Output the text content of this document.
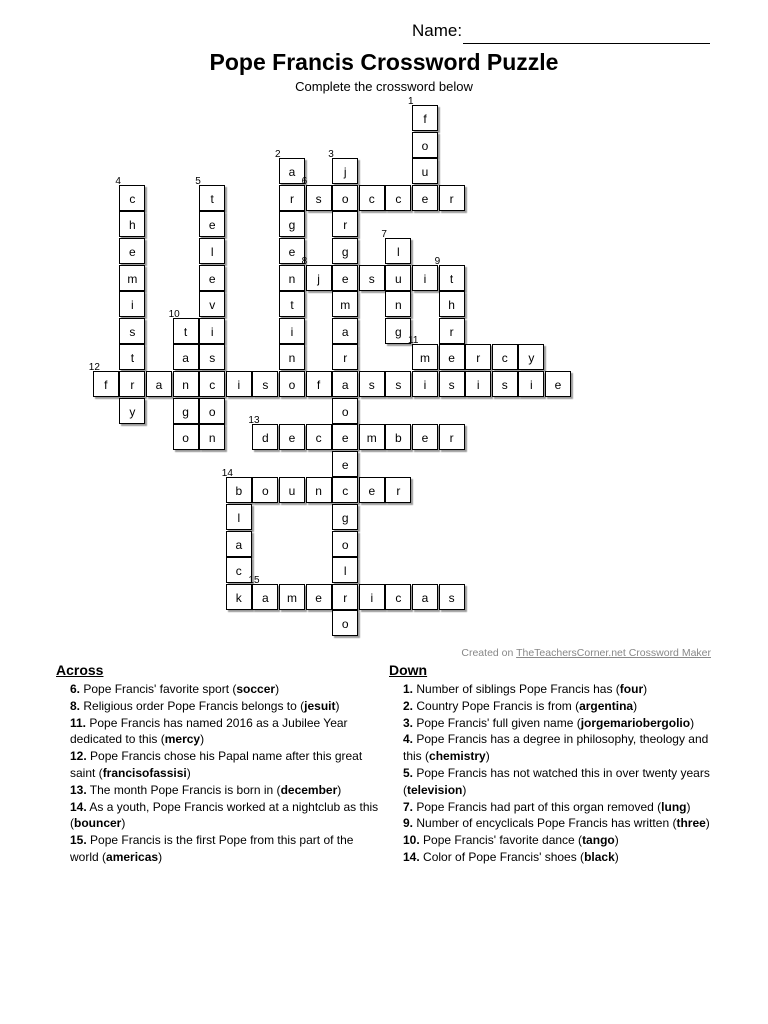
Name:
Pope Francis Crossword Puzzle
Complete the crossword below
1
f
o
2
a
3
j	u
4
c
5
t	r
6
s	o	c	c	e	r
h	e	g	r
e	l	e	g
7
l
m	e	n
8
j	e	s	u	i
9
t
i	v	t	m	n	h
s
10
t	i	i	a	g	r
t	a	s	n	r
11
m	e	r	c	y
12
f	r	a	n	c	i	s	o	f	a	s	s	i	s	i	s	i	e
y	g	o	o
o	n
13
d	e	c	e	m	b	e	r
e
14
b	o	u	n	c	e	r
l	g
a	o
c	l
k
15
a	m	e	r	i	c	a	s
o
Created on TheTeachersCorner.net Crossword Maker
Across
6. Pope Francis' favorite sport (soccer)
8. Religious order Pope Francis belongs to (jesuit)
11. Pope Francis has named 2016 as a Jubilee Year dedicated to this (mercy)
12. Pope Francis chose his Papal name after this great saint (francisofassisi)
13. The month Pope Francis is born in (december)
14. As a youth, Pope Francis worked at a nightclub as this (bouncer)
15. Pope Francis is the first Pope from this part of the world (americas)
Down
1. Number of siblings Pope Francis has (four)
2. Country Pope Francis is from (argentina)
3. Pope Francis' full given name (jorgemariobergolio)
4. Pope Francis has a degree in philosophy, theology and this (chemistry)
5. Pope Francis has not watched this in over twenty years (television)
7. Pope Francis had part of this organ removed (lung)
9. Number of encyclicals Pope Francis has written (three)
10. Pope Francis' favorite dance (tango)
14. Color of Pope Francis' shoes (black)
